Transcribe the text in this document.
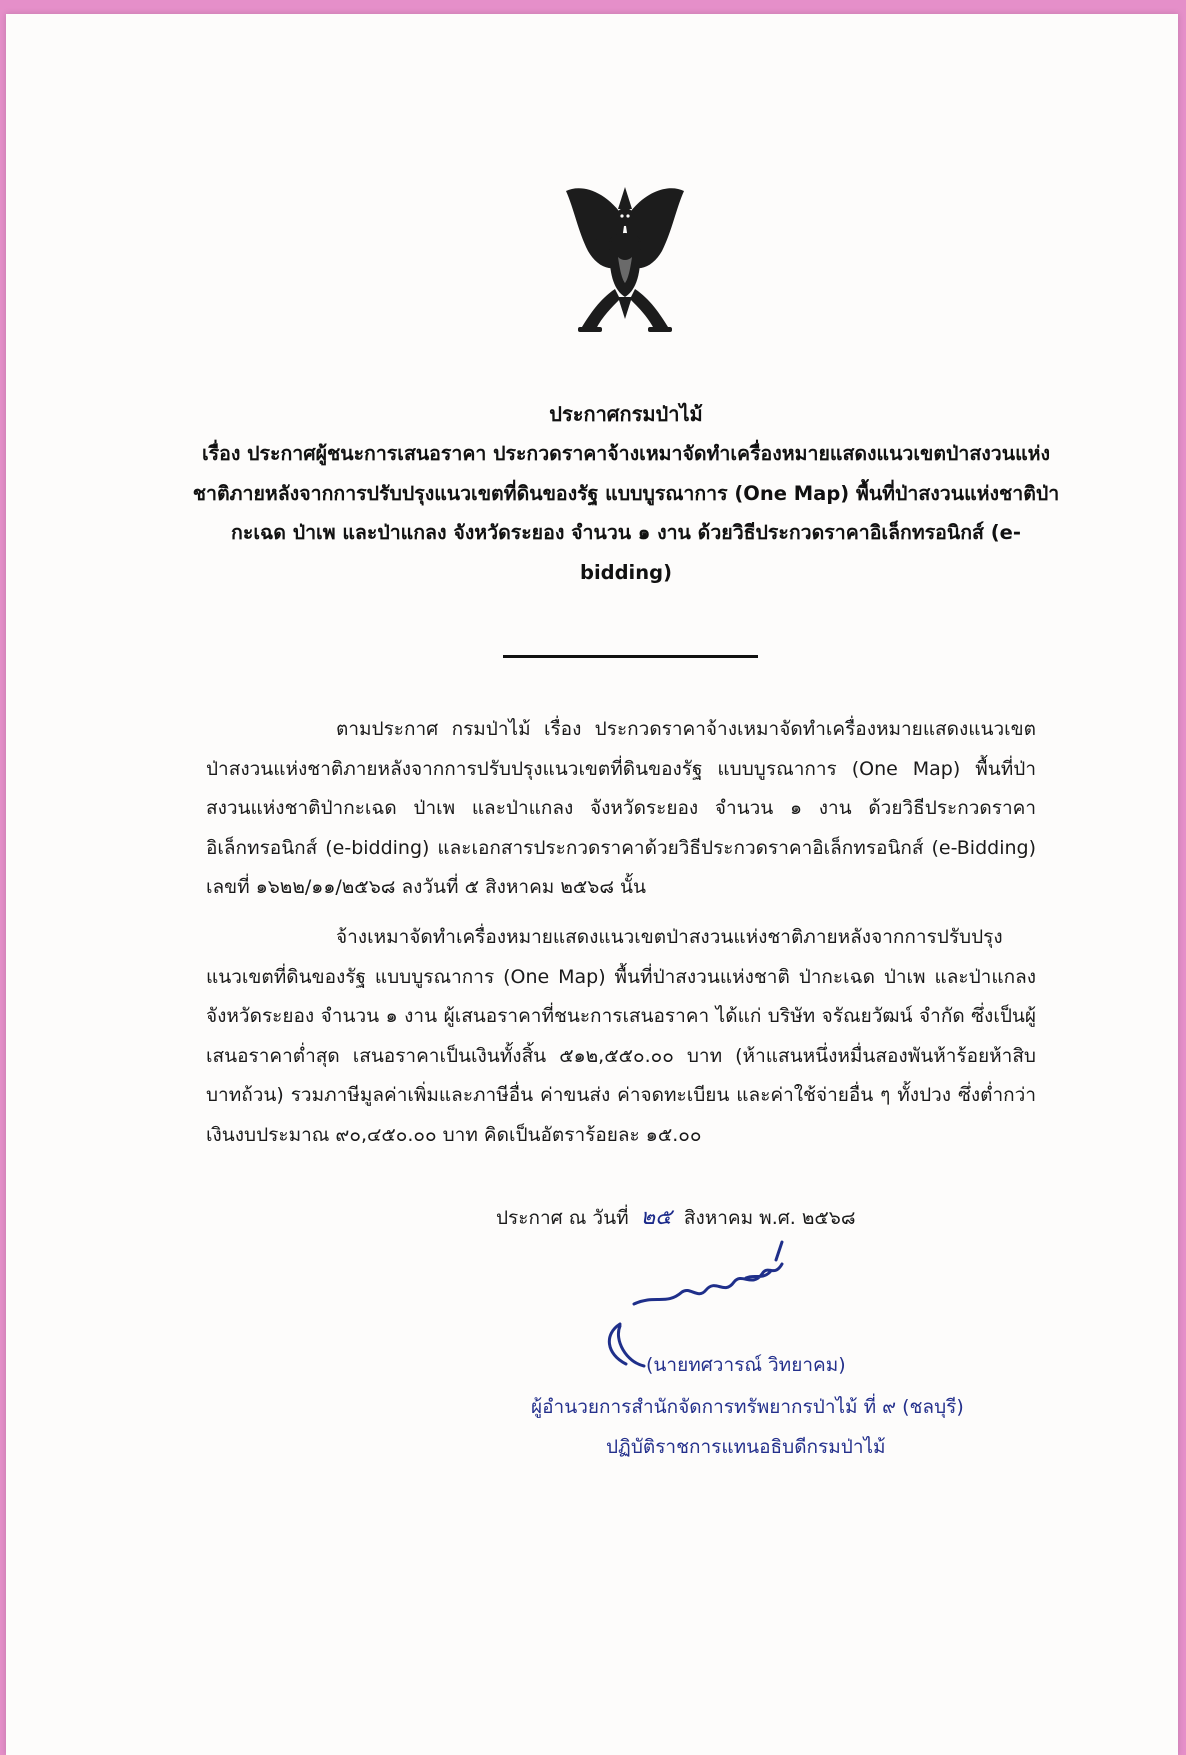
ประกาศกรมป่าไม้
เรื่อง ประกาศผู้ชนะการเสนอราคา ประกวดราคาจ้างเหมาจัดทำเครื่องหมายแสดงแนวเขตป่าสงวนแห่งชาติภายหลังจากการปรับปรุงแนวเขตที่ดินของรัฐ แบบบูรณาการ (One Map) พื้นที่ป่าสงวนแห่งชาติป่ากะเฉด ป่าเพ และป่าแกลง จังหวัดระยอง จำนวน ๑ งาน ด้วยวิธีประกวดราคาอิเล็กทรอนิกส์ (e-bidding)
ตามประกาศ กรมป่าไม้ เรื่อง ประกวดราคาจ้างเหมาจัดทำเครื่องหมายแสดงแนวเขตป่าสงวนแห่งชาติภายหลังจากการปรับปรุงแนวเขตที่ดินของรัฐ แบบบูรณาการ (One Map) พื้นที่ป่าสงวนแห่งชาติป่ากะเฉด ป่าเพ และป่าแกลง จังหวัดระยอง จำนวน ๑ งาน ด้วยวิธีประกวดราคาอิเล็กทรอนิกส์ (e-bidding) และเอกสารประกวดราคาด้วยวิธีประกวดราคาอิเล็กทรอนิกส์ (e-Bidding) เลขที่ ๑๖๒๒/๑๑/๒๕๖๘ ลงวันที่ ๕ สิงหาคม ๒๕๖๘ นั้น
จ้างเหมาจัดทำเครื่องหมายแสดงแนวเขตป่าสงวนแห่งชาติภายหลังจากการปรับปรุงแนวเขตที่ดินของรัฐ แบบบูรณาการ (One Map) พื้นที่ป่าสงวนแห่งชาติ ป่ากะเฉด ป่าเพ และป่าแกลง จังหวัดระยอง จำนวน ๑ งาน ผู้เสนอราคาที่ชนะการเสนอราคา ได้แก่ บริษัท จรัณยวัฒน์ จำกัด ซึ่งเป็นผู้เสนอราคาต่ำสุด เสนอราคาเป็นเงินทั้งสิ้น ๕๑๒,๕๕๐.๐๐ บาท (ห้าแสนหนึ่งหมื่นสองพันห้าร้อยห้าสิบบาทถ้วน) รวมภาษีมูลค่าเพิ่มและภาษีอื่น ค่าขนส่ง ค่าจดทะเบียน และค่าใช้จ่ายอื่น ๆ ทั้งปวง ซึ่งต่ำกว่าเงินงบประมาณ ๙๐,๔๕๐.๐๐ บาท คิดเป็นอัตราร้อยละ ๑๕.๐๐
ประกาศ ณ วันที่ ๒๕ สิงหาคม พ.ศ. ๒๕๖๘
(นายทศวารณ์ วิทยาคม)
ผู้อำนวยการสำนักจัดการทรัพยากรป่าไม้ ที่ ๙ (ชลบุรี)
ปฏิบัติราชการแทนอธิบดีกรมป่าไม้
